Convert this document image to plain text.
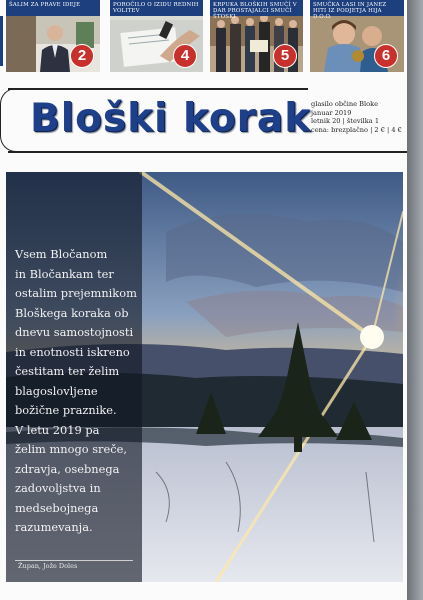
ŠALIM ZA PRAVE IDEJE
2
POROČILO O IZIDU REDNIH VOLITEV
4
KRPUKA BLOŠKIH SMUČÍ V DAR PROSTAJALCI SMUČÍ ŠTOSKI
5
SMUČKA LASI IN JANEZ HITI IZ PODJETJA HIJA D.O.O.
6
Bloški korak glasilo občine Bloke
januar 2019
letnik 20 | številka 1
cena: brezplačno | 2 € | 4 €
Vsem Bločanom
in Bločankam ter
ostalim prejemnikom
Bloškega koraka ob
dnevu samostojnosti
in enotnosti iskreno
čestitam ter želim
blagoslovljene
božične praznike.
V letu 2019 pa
želim mnogo sreče,
zdravja, osebnega
zadovoljstva in
medsebojnega
razumevanja.
Župan, Jože Doles
